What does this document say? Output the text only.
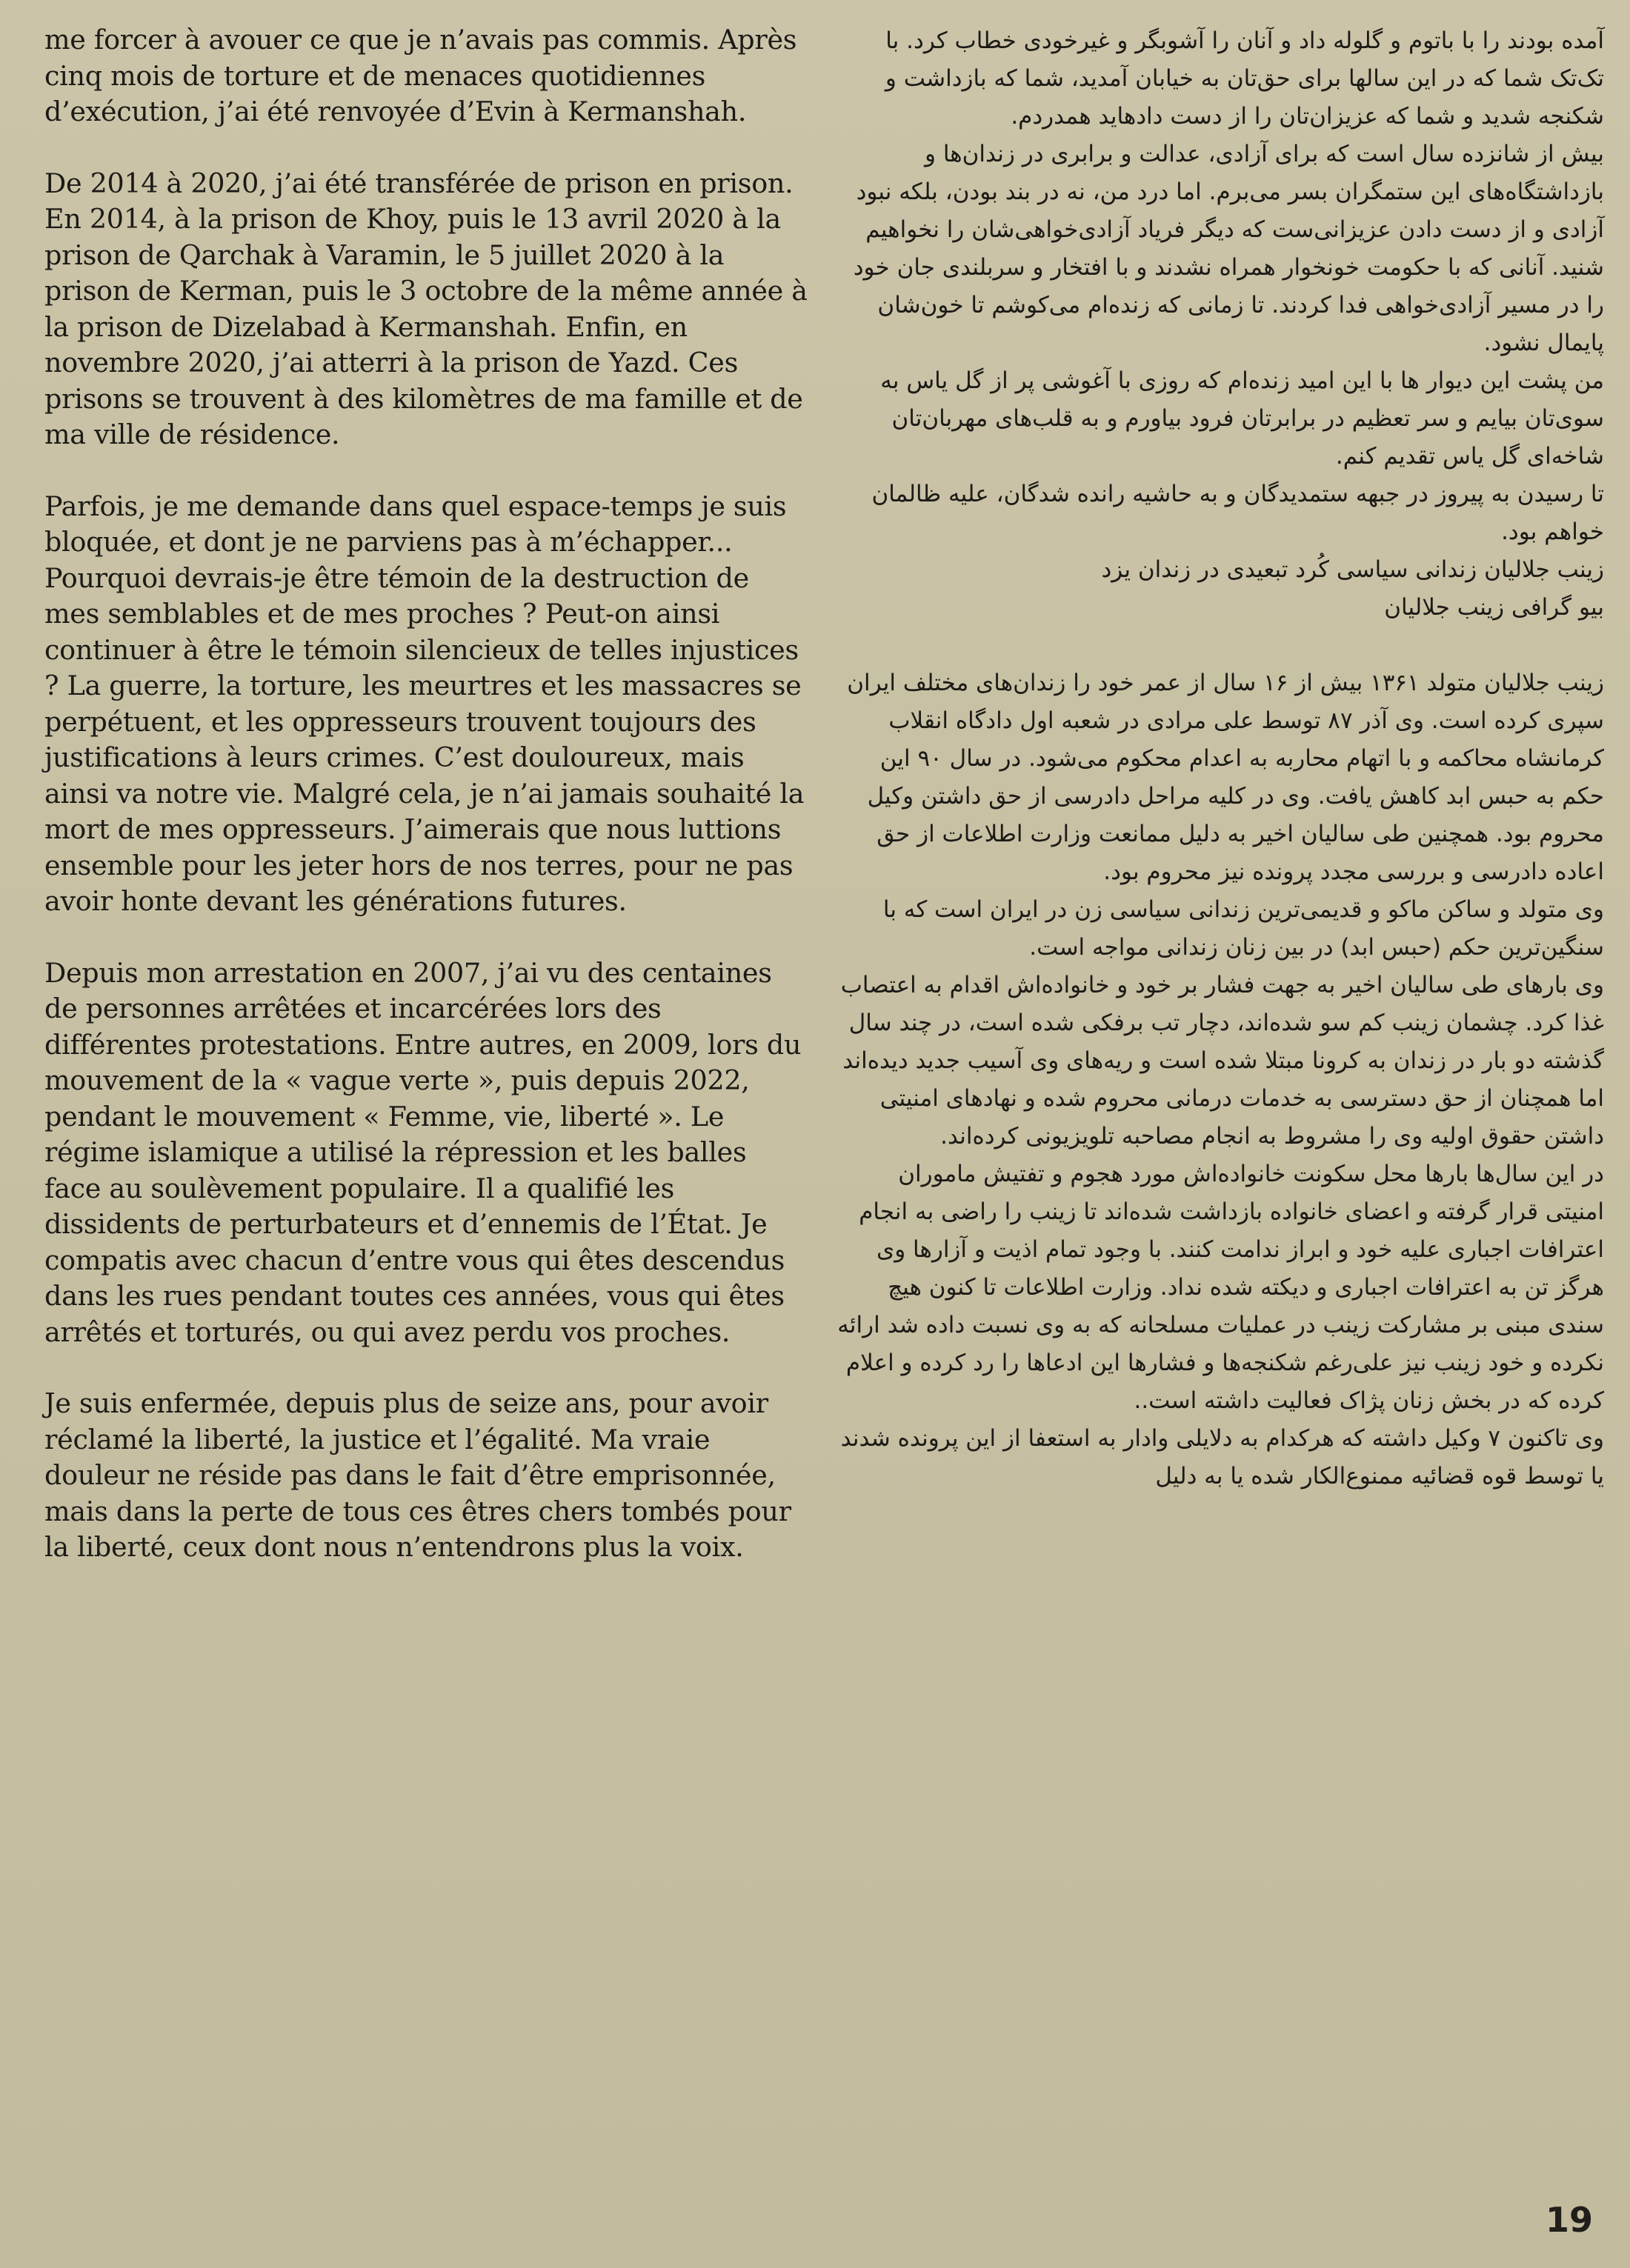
me forcer à avouer ce que je n’avais pas commis. Après cinq mois de torture et de menaces quotidiennes d’exécution, j’ai été renvoyée d’Evin à Kermanshah.

De 2014 à 2020, j’ai été transférée de prison en prison. En 2014, à la prison de Khoy, puis le 13 avril 2020 à la prison de Qarchak à Varamin, le 5 juillet 2020 à la prison de Kerman, puis le 3 octobre de la même année à la prison de Dizelabad à Kermanshah. Enfin, en novembre 2020, j’ai atterri à la prison de Yazd. Ces prisons se trouvent à des kilomètres de ma famille et de ma ville de résidence.

Parfois, je me demande dans quel espace-temps je suis bloquée, et dont je ne parviens pas à m’échapper... Pourquoi devrais-je être témoin de la destruction de mes semblables et de mes proches ? Peut-on ainsi continuer à être le témoin silencieux de telles injustices ? La guerre, la torture, les meurtres et les massacres se perpétuent, et les oppresseurs trouvent toujours des justifications à leurs crimes. C’est douloureux, mais ainsi va notre vie. Malgré cela, je n’ai jamais souhaité la mort de mes oppresseurs. J’aimerais que nous luttions ensemble pour les jeter hors de nos terres, pour ne pas avoir honte devant les générations futures.

Depuis mon arrestation en 2007, j’ai vu des centaines de personnes arrêtées et incarcérées lors des différentes protestations. Entre autres, en 2009, lors du mouvement de la « vague verte », puis depuis 2022, pendant le mouvement « Femme, vie, liberté ». Le régime islamique a utilisé la répression et les balles face au soulèvement populaire. Il a qualifié les dissidents de perturbateurs et d’ennemis de l’État. Je compatis avec chacun d’entre vous qui êtes descendus dans les rues pendant toutes ces années, vous qui êtes arrêtés et torturés, ou qui avez perdu vos proches.

Je suis enfermée, depuis plus de seize ans, pour avoir réclamé la liberté, la justice et l’égalité. Ma vraie douleur ne réside pas dans le fait d’être emprisonnée, mais dans la perte de tous ces êtres chers tombés pour la liberté, ceux dont nous n’entendrons plus la voix.

آمده بودند را با باتوم و گلوله داد و آنان را آشوبگر و غیرخودی خطاب کرد. با تک‌تک شما که در این سالها برای حق‌تان به خیابان آمدید، شما که بازداشت و شکنجه شدید و شما که عزیزان‌تان را از دست دادهاید همدردم.

بیش از شانزده سال است که برای آزادی، عدالت و برابری در زندان‌ها و بازداشتگاه‌های این ستمگران بسر می‌برم. اما درد من، نه در بند بودن، بلکه نبود آزادی و از دست دادن عزیزانی‌ست که دیگر فریاد آزادی‌خواهی‌شان را نخواهیم شنید. آنانی که با حکومت خونخوار همراه نشدند و با افتخار و سربلندی جان خود را در مسیر آزادی‌خواهی فدا کردند. تا زمانی که زنده‌ام می‌کوشم تا خون‌شان پایمال نشود.

من پشت این دیوار ها با این امید زنده‌ام که روزی با آغوشی پر از گل یاس به سوی‌تان بیایم و سر تعظیم در برابرتان فرود بیاورم و به قلب‌های مهربان‌تان شاخه‌ای گل یاس تقدیم کنم.

تا رسیدن به پیروز در جبهه ستمدیدگان و به حاشیه رانده شدگان، علیه ظالمان خواهم بود.

زینب جلالیان زندانی سیاسی کُرد تبعیدی در زندان یزد

بیو گرافی زینب جلالیان

زینب جلالیان متولد ۱۳۶۱ بیش از ۱۶ سال از عمر خود را زندان‌های مختلف ایران سپری کرده است. وی آذر ۸۷ توسط علی مرادی در شعبه اول دادگاه انقلاب کرمانشاه محاکمه و با اتهام محاربه به اعدام محکوم می‌شود. در سال ۹۰ این حکم به حبس ابد کاهش یافت. وی در کلیه مراحل دادرسی از حق داشتن وکیل محروم بود. همچنین طی سالیان اخیر به دلیل ممانعت وزارت اطلاعات از حق اعاده دادرسی و بررسی مجدد پرونده نیز محروم بود.

وی متولد و ساکن ماکو و قدیمی‌ترین زندانی سیاسی زن در ایران است که با سنگین‌ترین حکم (حبس ابد) در بین زنان زندانی مواجه است.

وی بارهای طی سالیان اخیر به جهت فشار بر خود و خانواده‌اش اقدام به اعتصاب غذا کرد. چشمان زینب کم سو شده‌اند، دچار تب برفکی شده است، در چند سال گذشته دو بار در زندان به کرونا مبتلا شده است و ریه‌های وی آسیب جدید دیده‌اند اما همچنان از حق دسترسی به خدمات درمانی محروم شده و نهادهای امنیتی داشتن حقوق اولیه وی را مشروط به انجام مصاحبه تلویزیونی کرده‌اند.

در این سال‌ها بارها محل سکونت خانواده‌اش مورد هجوم و تفتیش ماموران امنیتی قرار گرفته و اعضای خانواده بازداشت شده‌اند تا زینب را راضی به انجام اعترافات اجباری علیه خود و ابراز ندامت کنند. با وجود تمام اذیت و آزارها وی هرگز تن به اعترافات اجباری و دیکته شده نداد. وزارت اطلاعات تا کنون هیچ سندی مبنی بر مشارکت زینب در عملیات مسلحانه که به وی نسبت داده شد ارائه نکرده و خود زینب نیز علی‌رغم شکنجه‌ها و فشارها این ادعاها را رد کرده و اعلام کرده که در بخش زنان پژاک فعالیت داشته است..

وی تاکنون ۷ وکیل داشته که هرکدام به دلایلی وادار به استعفا از این پرونده شدند یا توسط قوه قضائیه ممنوع‌الکار شده یا به دلیل

19
